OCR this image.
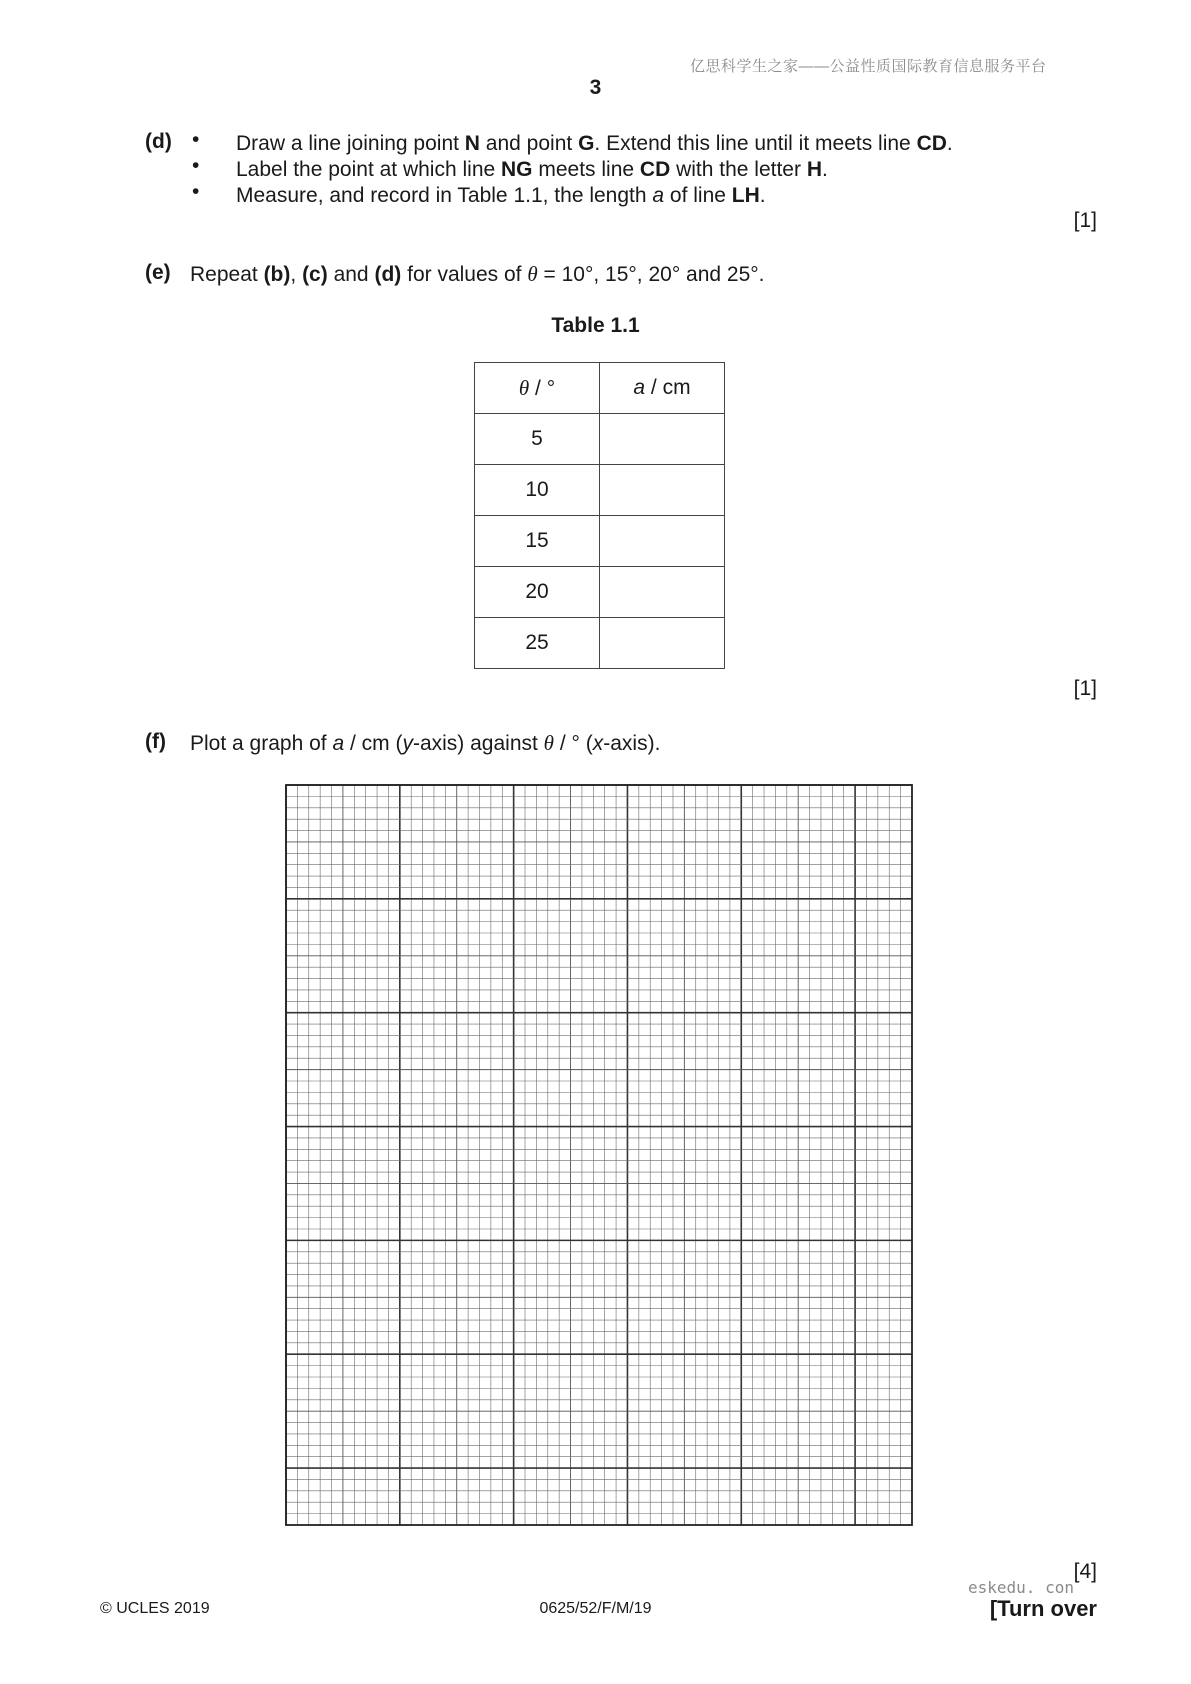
亿思科学生之家——公益性质国际教育信息服务平台
3
(d) •
•
•
Draw a line joining point N and point G. Extend this line until it meets line CD.
Label the point at which line NG meets line CD with the letter H.
Measure, and record in Table 1.1, the length a of line LH.
[1]
(e) Repeat (b), (c) and (d) for values of θ = 10°, 15°, 20° and 25°.
Table 1.1
θ / °	a / cm
5	
10	
15	
20	
25	
[1]
(f) Plot a graph of a / cm (y-axis) against θ / ° (x-axis).
[4]
eskedu. con
© UCLES 2019	0625/52/F/M/19	[Turn over
